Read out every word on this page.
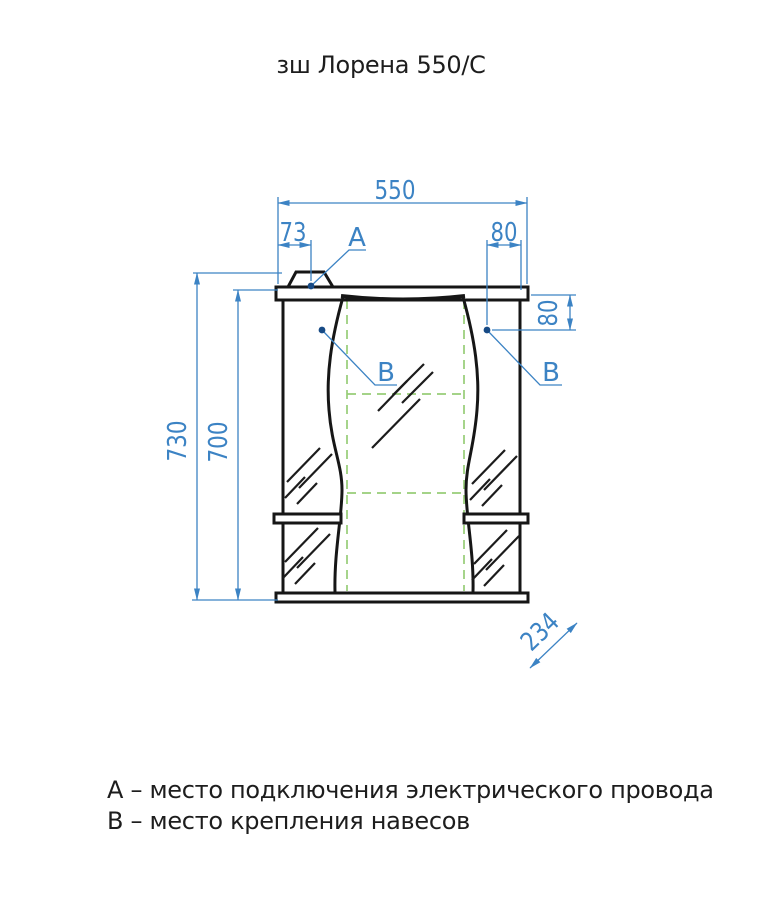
зш Лорена 550/С
550
73	80
80
730 700
234
А
В	В
А – место подключения электрического провода
В – место крепления навесов
